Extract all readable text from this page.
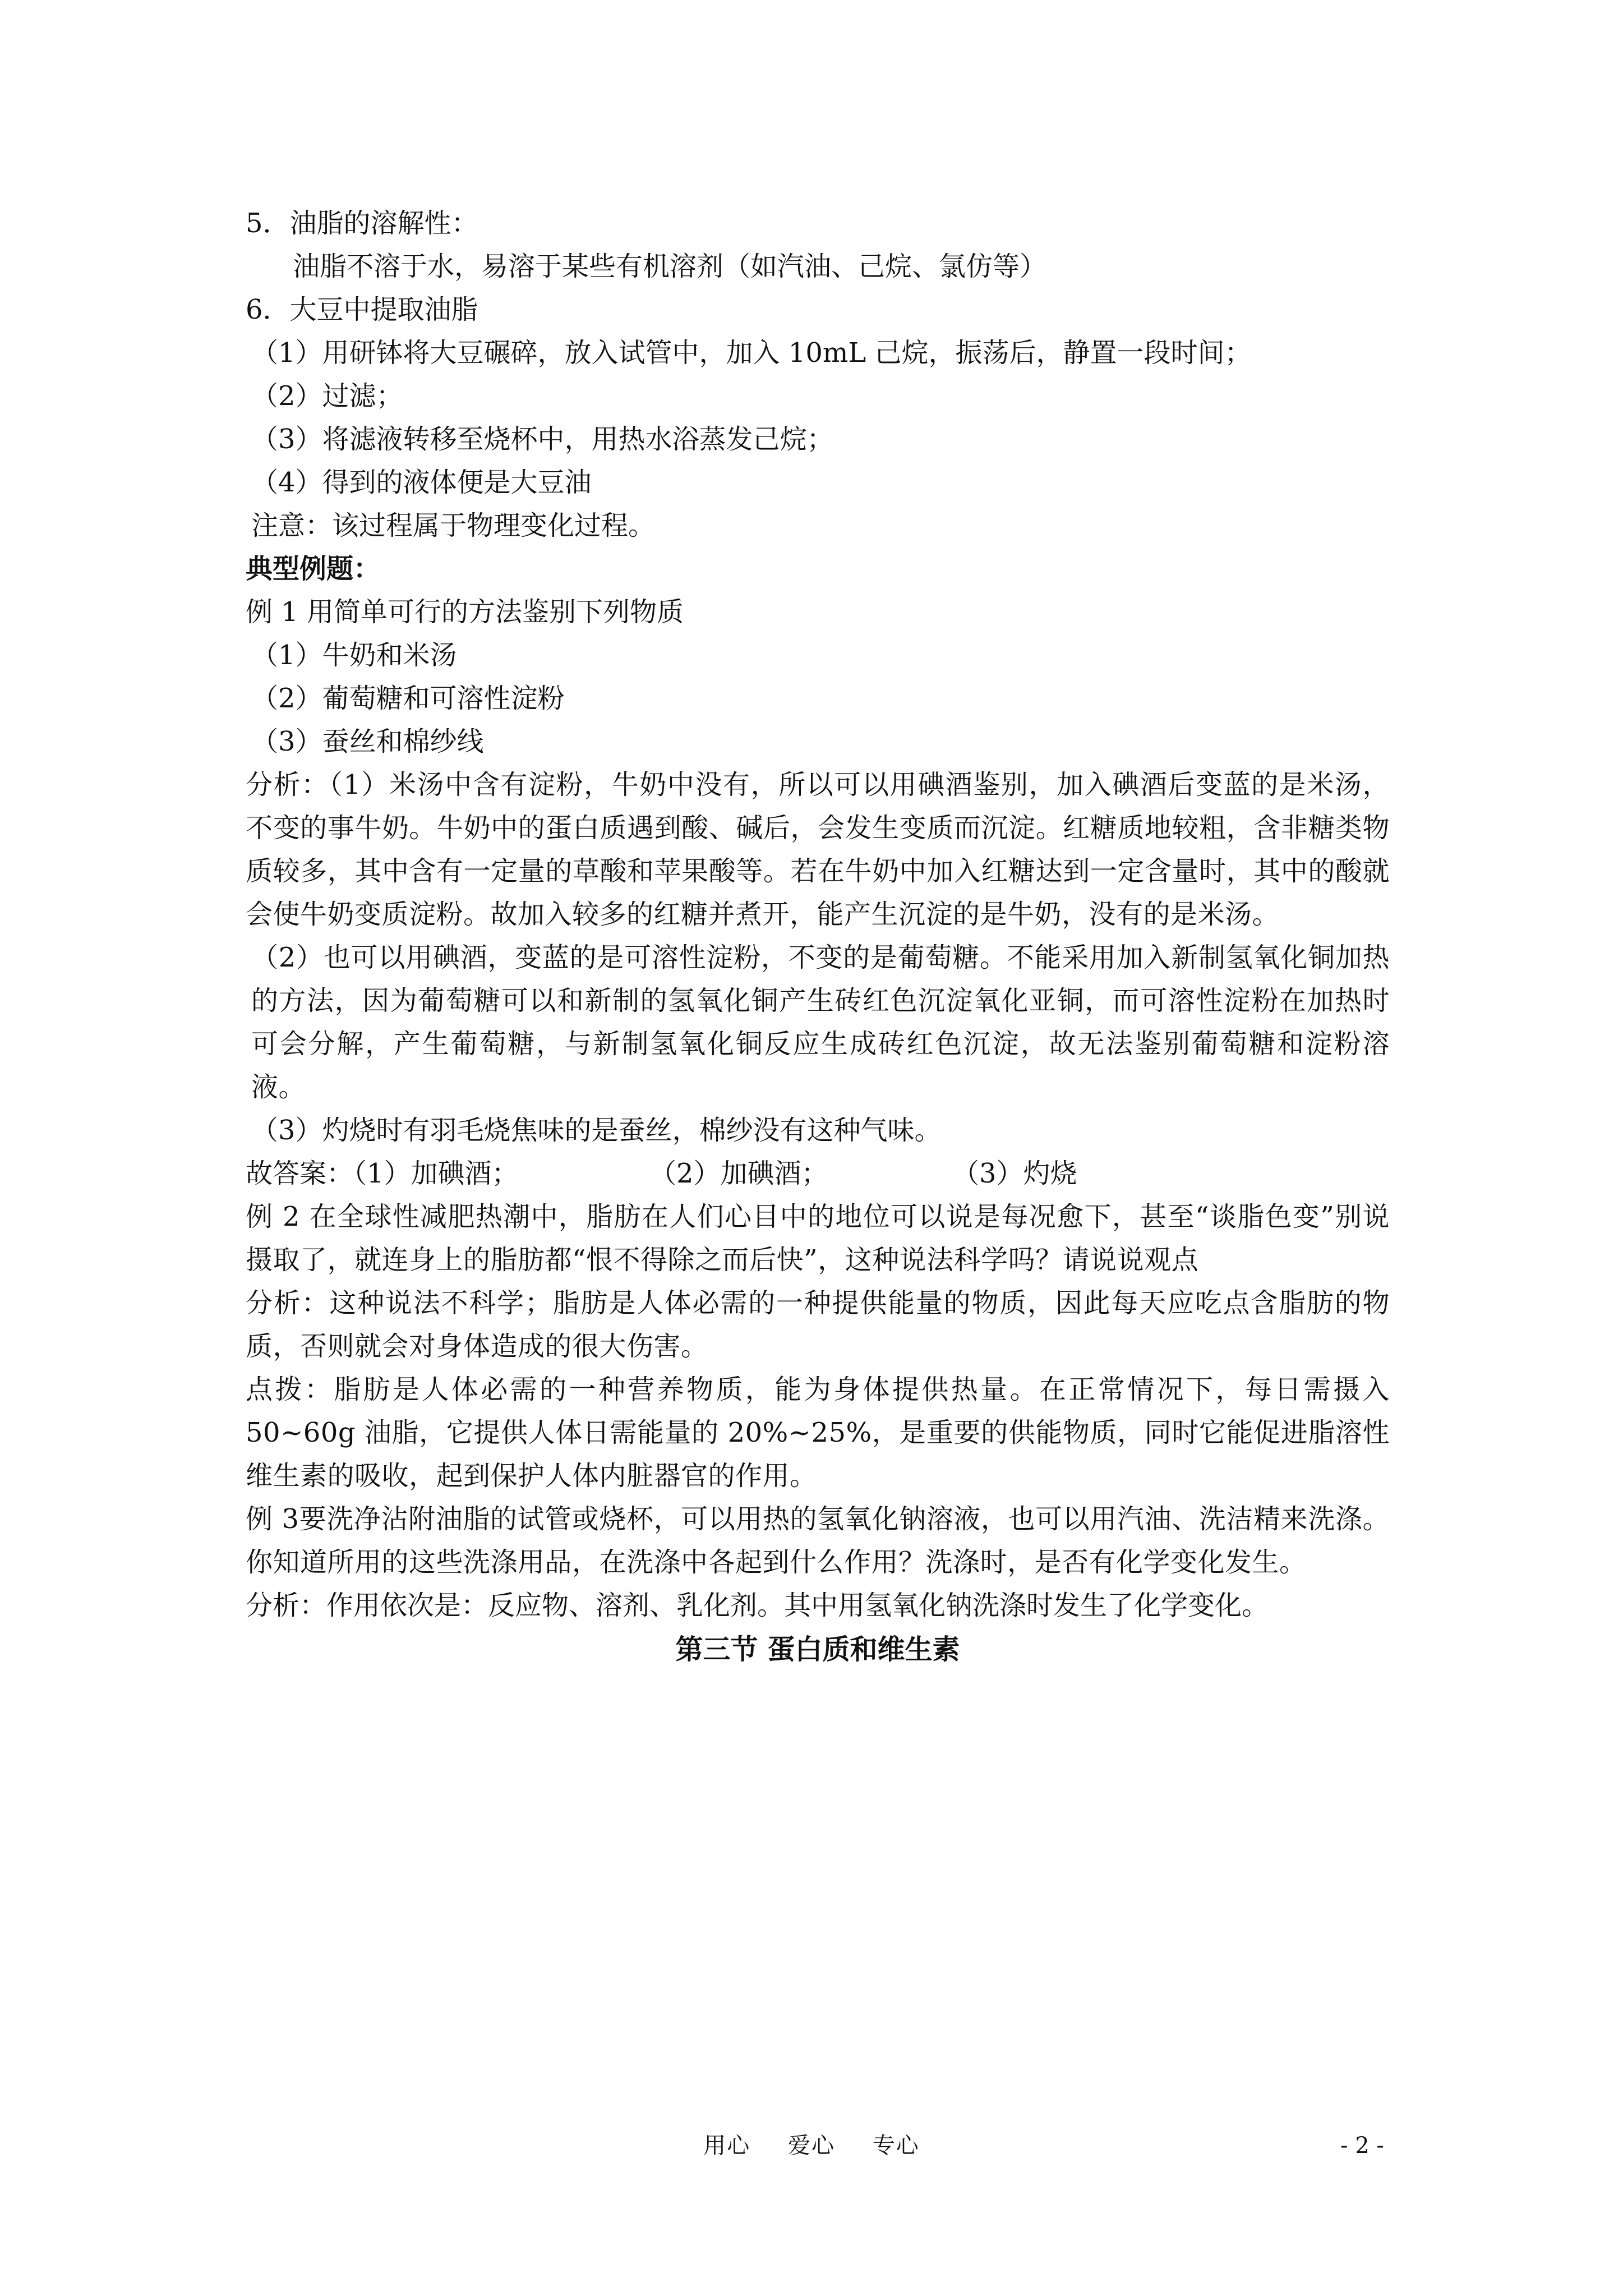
5．油脂的溶解性：

油脂不溶于水，易溶于某些有机溶剂（如汽油、己烷、氯仿等）

6．大豆中提取油脂

（1）用研钵将大豆碾碎，放入试管中，加入 10mL 己烷，振荡后，静置一段时间；

（2）过滤；

（3）将滤液转移至烧杯中，用热水浴蒸发己烷；

（4）得到的液体便是大豆油

注意：该过程属于物理变化过程。

典型例题：

例 1 用简单可行的方法鉴别下列物质

（1）牛奶和米汤

（2）葡萄糖和可溶性淀粉

（3）蚕丝和棉纱线

分析：（1）米汤中含有淀粉，牛奶中没有，所以可以用碘酒鉴别，加入碘酒后变蓝的是米汤，不变的事牛奶。牛奶中的蛋白质遇到酸、碱后，会发生变质而沉淀。红糖质地较粗，含非糖类物质较多，其中含有一定量的草酸和苹果酸等。若在牛奶中加入红糖达到一定含量时，其中的酸就会使牛奶变质淀粉。故加入较多的红糖并煮开，能产生沉淀的是牛奶，没有的是米汤。

（2）也可以用碘酒，变蓝的是可溶性淀粉，不变的是葡萄糖。不能采用加入新制氢氧化铜加热的方法，因为葡萄糖可以和新制的氢氧化铜产生砖红色沉淀氧化亚铜，而可溶性淀粉在加热时可会分解，产生葡萄糖，与新制氢氧化铜反应生成砖红色沉淀，故无法鉴别葡萄糖和淀粉溶液。

（3）灼烧时有羽毛烧焦味的是蚕丝，棉纱没有这种气味。

故答案：（1）加碘酒；	（2）加碘酒；	（3）灼烧

例 2 在全球性减肥热潮中，脂肪在人们心目中的地位可以说是每况愈下，甚至“谈脂色变”别说摄取了，就连身上的脂肪都“恨不得除之而后快”，这种说法科学吗？请说说观点

分析：这种说法不科学；脂肪是人体必需的一种提供能量的物质，因此每天应吃点含脂肪的物质，否则就会对身体造成的很大伤害。

点拨：脂肪是人体必需的一种营养物质，能为身体提供热量。在正常情况下，每日需摄入 50~60g 油脂，它提供人体日需能量的 20%~25%，是重要的供能物质，同时它能促进脂溶性维生素的吸收，起到保护人体内脏器官的作用。

例 3要洗净沾附油脂的试管或烧杯，可以用热的氢氧化钠溶液，也可以用汽油、洗洁精来洗涤。你知道所用的这些洗涤用品，在洗涤中各起到什么作用？洗涤时，是否有化学变化发生。

分析：作用依次是：反应物、溶剂、乳化剂。其中用氢氧化钠洗涤时发生了化学变化。

第三节 蛋白质和维生素

用心 爱心 专心	- 2 -
